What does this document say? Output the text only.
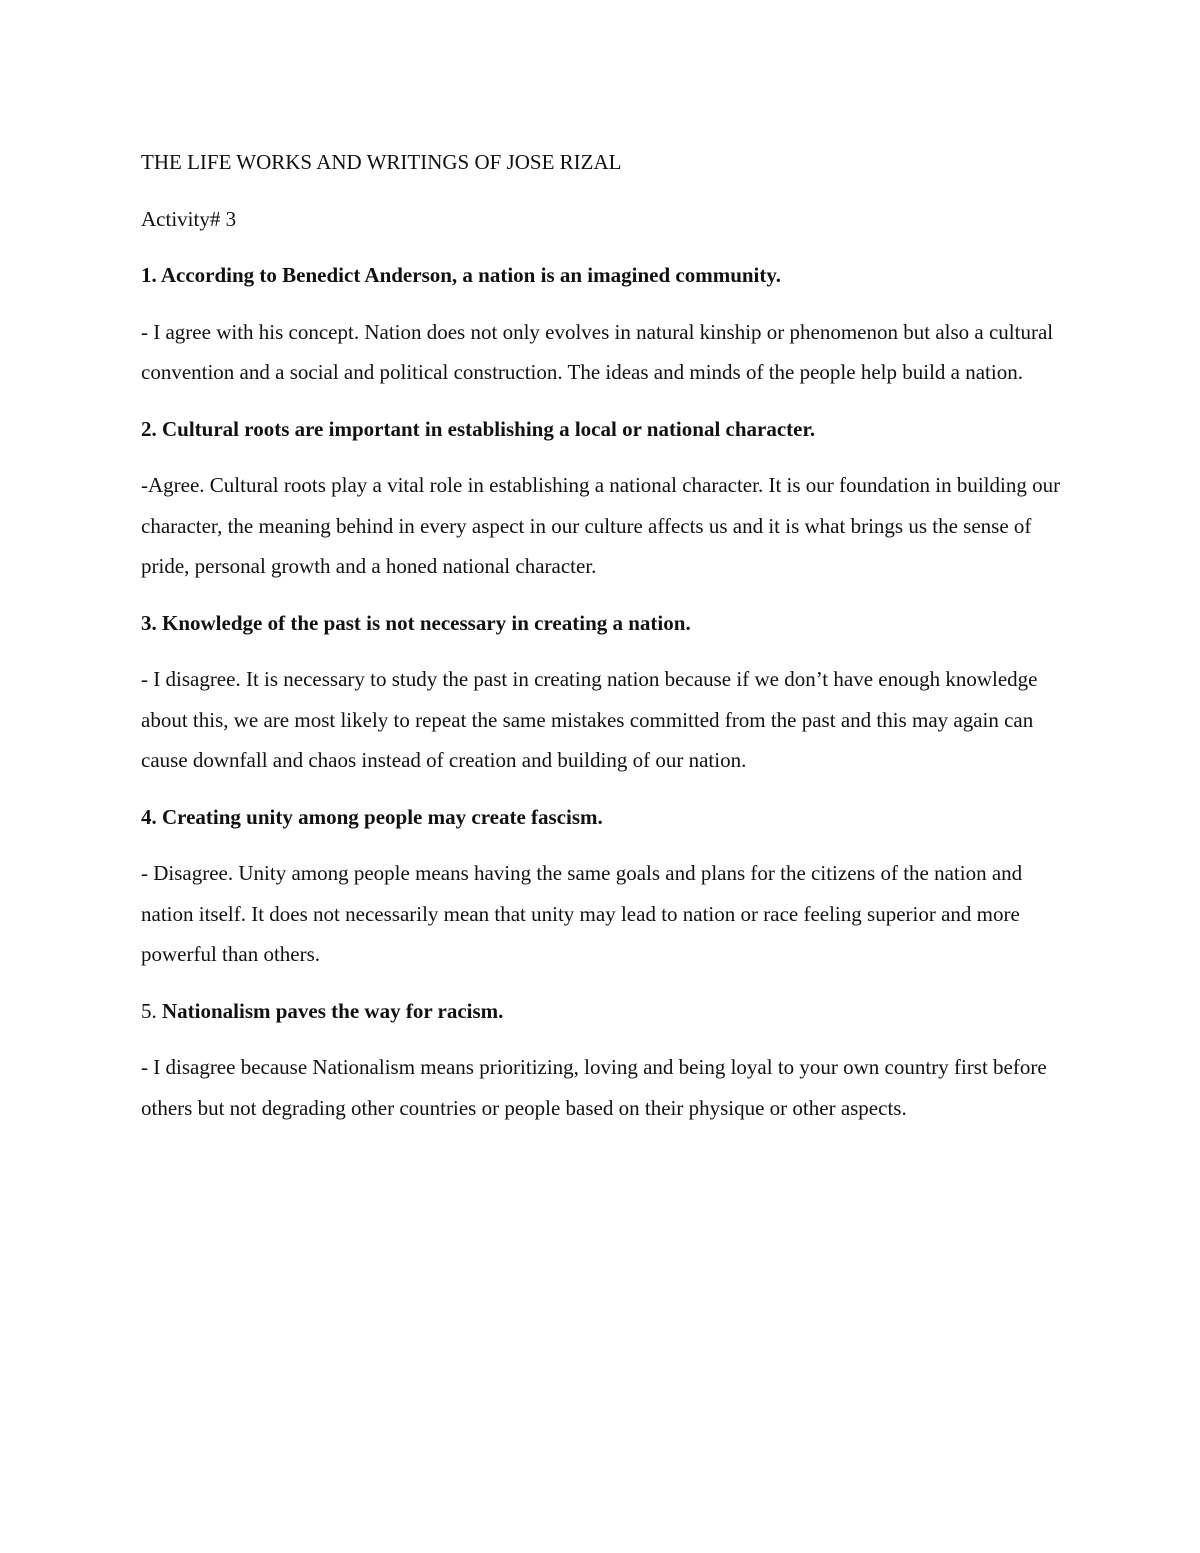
THE LIFE WORKS AND WRITINGS OF JOSE RIZAL

Activity# 3

1. According to Benedict Anderson, a nation is an imagined community.

- I agree with his concept. Nation does not only evolves in natural kinship or phenomenon but also a cultural convention and a social and political construction. The ideas and minds of the people help build a nation.

2. Cultural roots are important in establishing a local or national character.

-Agree. Cultural roots play a vital role in establishing a national character. It is our foundation in building our character, the meaning behind in every aspect in our culture affects us and it is what brings us the sense of pride, personal growth and a honed national character.

3. Knowledge of the past is not necessary in creating a nation.

- I disagree. It is necessary to study the past in creating nation because if we don’t have enough knowledge about this, we are most likely to repeat the same mistakes committed from the past and this may again can cause downfall and chaos instead of creation and building of our nation.

4. Creating unity among people may create fascism.

- Disagree. Unity among people means having the same goals and plans for the citizens of the nation and nation itself. It does not necessarily mean that unity may lead to nation or race feeling superior and more powerful than others.

5. Nationalism paves the way for racism.

- I disagree because Nationalism means prioritizing, loving and being loyal to your own country first before others but not degrading other countries or people based on their physique or other aspects.
